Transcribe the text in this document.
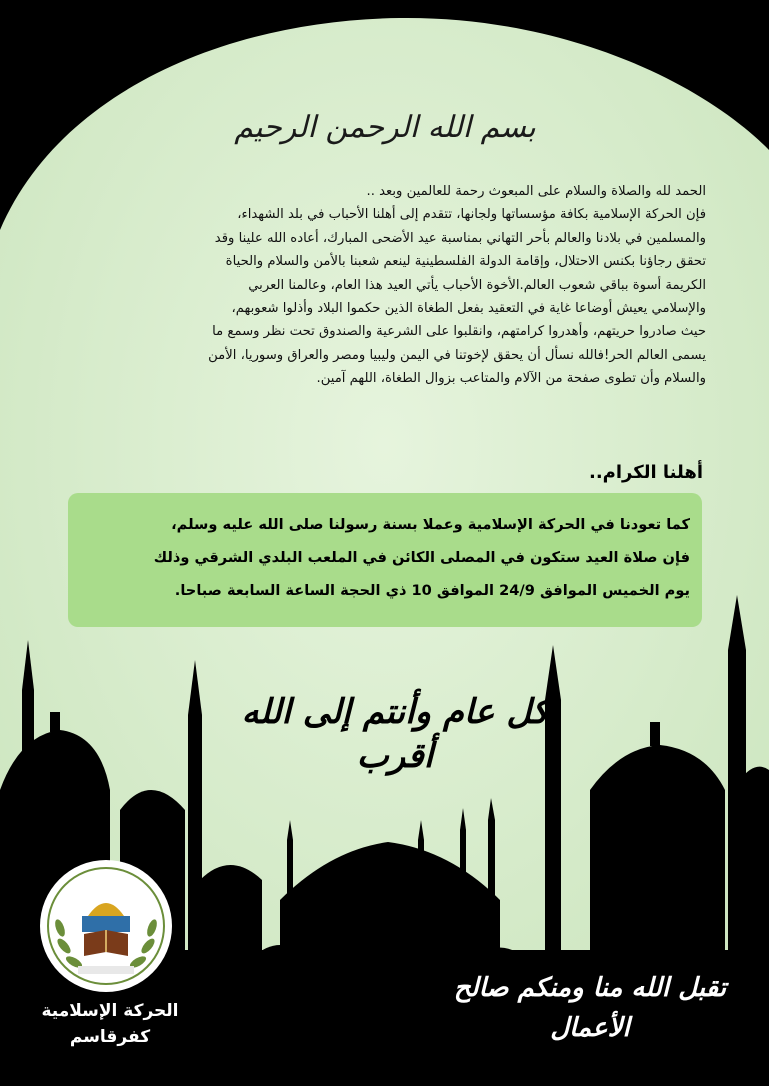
بسم الله الرحمن الرحيم

الحمد لله والصلاة والسلام على المبعوث رحمة للعالمين وبعد ..

فإن الحركة الإسلامية بكافة مؤسساتها ولجانها، تتقدم إلى أهلنا الأحباب في بلد الشهداء،

والمسلمين في بلادنا والعالم بأحر التهاني بمناسبة عيد الأضحى المبارك، أعاده الله علينا وقد

تحقق رجاؤنا بكنس الاحتلال، وإقامة الدولة الفلسطينية لينعم شعبنا بالأمن والسلام والحياة

الكريمة أسوة بباقي شعوب العالم.الأخوة الأحباب يأتي العيد هذا العام، وعالمنا العربي

والإسلامي يعيش أوضاعا غاية في التعقيد بفعل الطغاة الذين حكموا البلاد وأذلوا شعوبهم،

حيث صادروا حريتهم، وأهدروا كرامتهم، وانقلبوا على الشرعية والصندوق تحت نظر وسمع ما

يسمى العالم الحر!فالله نسأل أن يحقق لإخوتنا في اليمن وليبيا ومصر والعراق وسوريا، الأمن

والسلام وأن تطوى صفحة من الآلام والمتاعب بزوال الطغاة، اللهم آمين.

أهلنا الكرام..

كما تعودنا في الحركة الإسلامية وعملا بسنة رسولنا صلى الله عليه وسلم،

فإن صلاة العيد ستكون في المصلى الكائن في الملعب البلدي الشرقي وذلك

يوم الخميس الموافق 24/9 الموافق 10 ذي الحجة الساعة السابعة صباحا.

كل عام وأنتم إلى الله أقرب
الحركة الإسلامية
كفرقاسم
تقبل الله منا ومنكم صالح الأعمال
